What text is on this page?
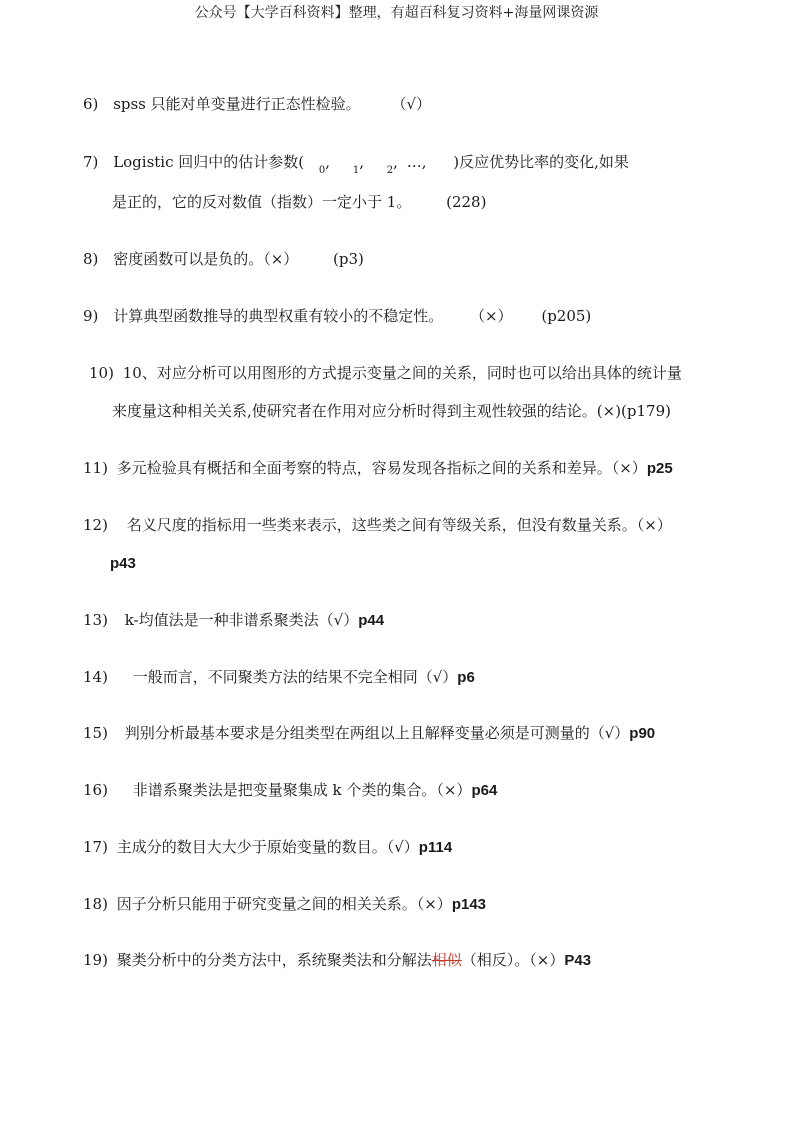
公众号【大学百科资料】整理，有超百科复习资料+海量网课资源
6) spss 只能对单变量进行正态性检验。 （√）
7) Logistic 回归中的估计参数( $_0$, $_1$, $_2$, …, )反应优势比率的变化,如果
是正的，它的反对数值（指数）一定小于 1。 (228)
8) 密度函数可以是负的。（×） (p3)
9) 计算典型函数推导的典型权重有较小的不稳定性。 （×） (p205)
10) 10、对应分析可以用图形的方式提示变量之间的关系，同时也可以给出具体的统计量
来度量这种相关关系,使研究者在作用对应分析时得到主观性较强的结论。(×)(p179)
11) 多元检验具有概括和全面考察的特点，容易发现各指标之间的关系和差异。（×）p25
12) 名义尺度的指标用一些类来表示，这些类之间有等级关系，但没有数量关系。（×）
p43
13) k-均值法是一种非谱系聚类法（√）p44
14) 一般而言，不同聚类方法的结果不完全相同（√）p6
15) 判别分析最基本要求是分组类型在两组以上且解释变量必须是可测量的（√）p90
16) 非谱系聚类法是把变量聚集成 k 个类的集合。（×）p64
17) 主成分的数目大大少于原始变量的数目。（√）p114
18) 因子分析只能用于研究变量之间的相关关系。（×）p143
19) 聚类分析中的分类方法中，系统聚类法和分解法相似（相反）。（×）P43
